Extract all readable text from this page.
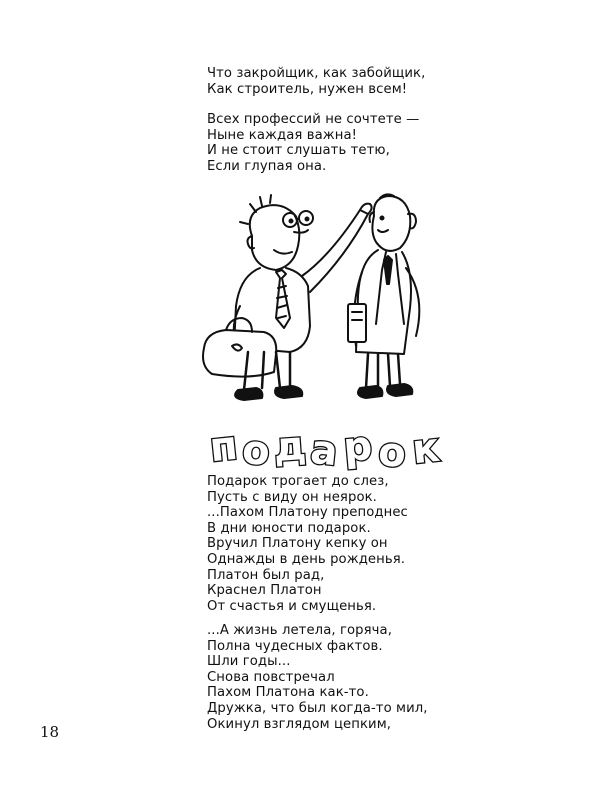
Что закройщик, как забойщик,
Как строитель, нужен всем!

Всех профессий не сочтете —
Ныне каждая важна!
И не стоит слушать тетю,
Если глупая она.

п о д а р о к

Подарок трогает до слез,
Пусть с виду он неярок.
...Пахом Платону преподнес
В дни юности подарок.
Вручил Платону кепку он
Однажды в день рожденья.
Платон был рад,
Краснел Платон
От счастья и смущенья.

...А жизнь летела, горяча,
Полна чудесных фактов.
Шли годы...
Снова повстречал
Пахом Платона как-то.
Дружка, что был когда-то мил,
Окинул взглядом цепким,

18
